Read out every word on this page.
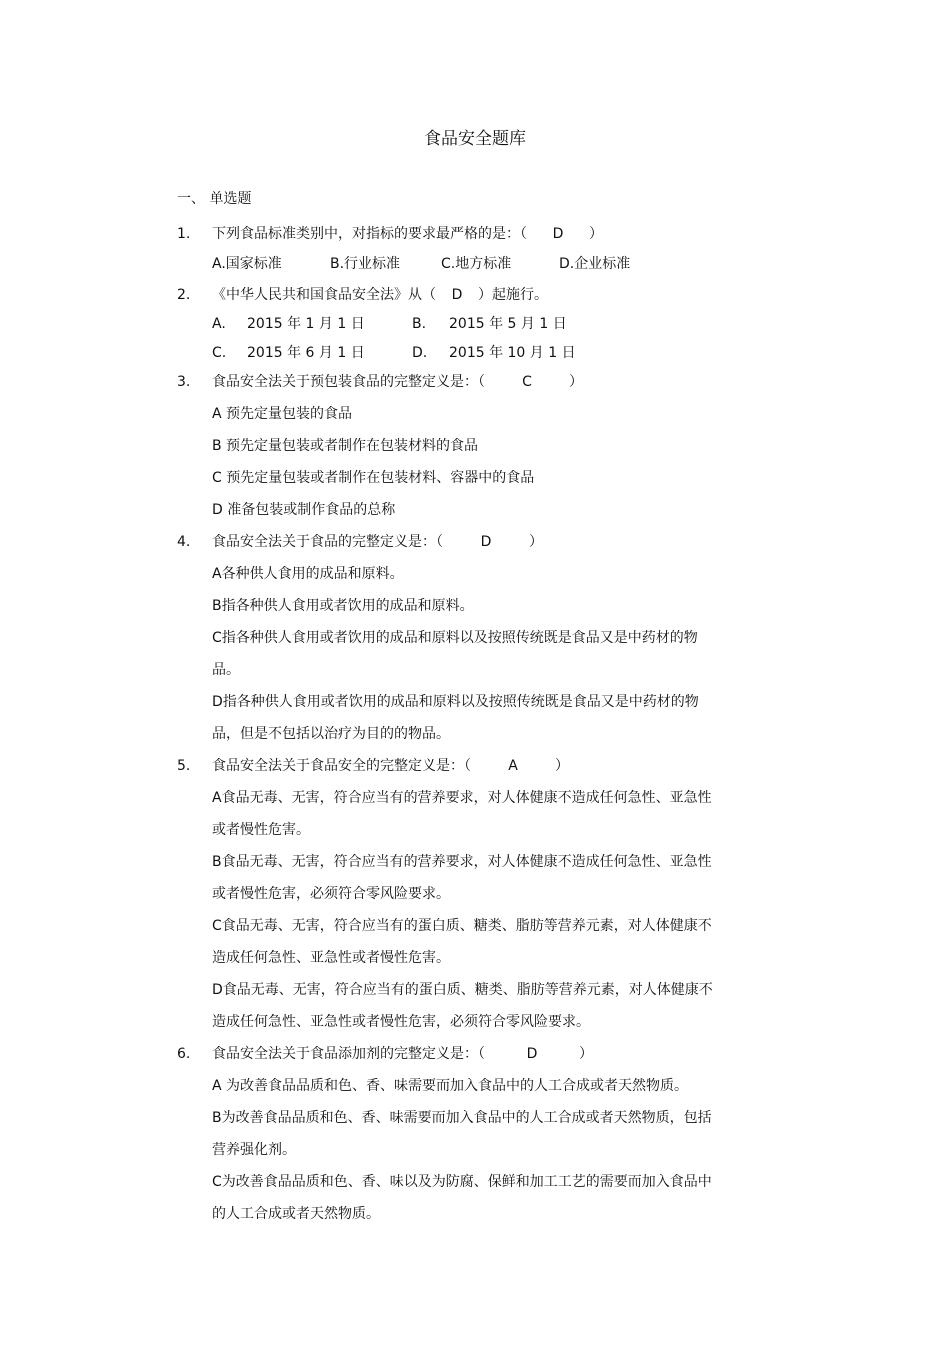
食品安全题库
一、 单选题
1. 下列食品标准类别中，对指标的要求最严格的是：（ D ）
A.国家标准	B.行业标准	C.地方标准	D.企业标准
2. 《中华人民共和国食品安全法》从（ D ）起施行。
A. 2015 年 1 月 1 日	B. 2015 年 5 月 1 日
C. 2015 年 6 月 1 日	D. 2015 年 10 月 1 日
3. 食品安全法关于预包装食品的完整定义是：（	C	）
A 预先定量包装的食品
B 预先定量包装或者制作在包装材料的食品
C 预先定量包装或者制作在包装材料、容器中的食品
D 准备包装或制作食品的总称
4. 食品安全法关于食品的完整定义是：（	D	）
A各种供人食用的成品和原料。
B指各种供人食用或者饮用的成品和原料。
C指各种供人食用或者饮用的成品和原料以及按照传统既是食品又是中药材的物
品。
D指各种供人食用或者饮用的成品和原料以及按照传统既是食品又是中药材的物
品，但是不包括以治疗为目的的物品。
5. 食品安全法关于食品安全的完整定义是：（	A	）
A食品无毒、无害，符合应当有的营养要求，对人体健康不造成任何急性、亚急性
或者慢性危害。
B食品无毒、无害，符合应当有的营养要求，对人体健康不造成任何急性、亚急性
或者慢性危害，必须符合零风险要求。
C食品无毒、无害，符合应当有的蛋白质、糖类、脂肪等营养元素，对人体健康不
造成任何急性、亚急性或者慢性危害。
D食品无毒、无害，符合应当有的蛋白质、糖类、脂肪等营养元素，对人体健康不
造成任何急性、亚急性或者慢性危害，必须符合零风险要求。
6. 食品安全法关于食品添加剂的完整定义是：（	D	）
A 为改善食品品质和色、香、味需要而加入食品中的人工合成或者天然物质。
B为改善食品品质和色、香、味需要而加入食品中的人工合成或者天然物质，包括
营养强化剂。
C为改善食品品质和色、香、味以及为防腐、保鲜和加工工艺的需要而加入食品中
的人工合成或者天然物质。
